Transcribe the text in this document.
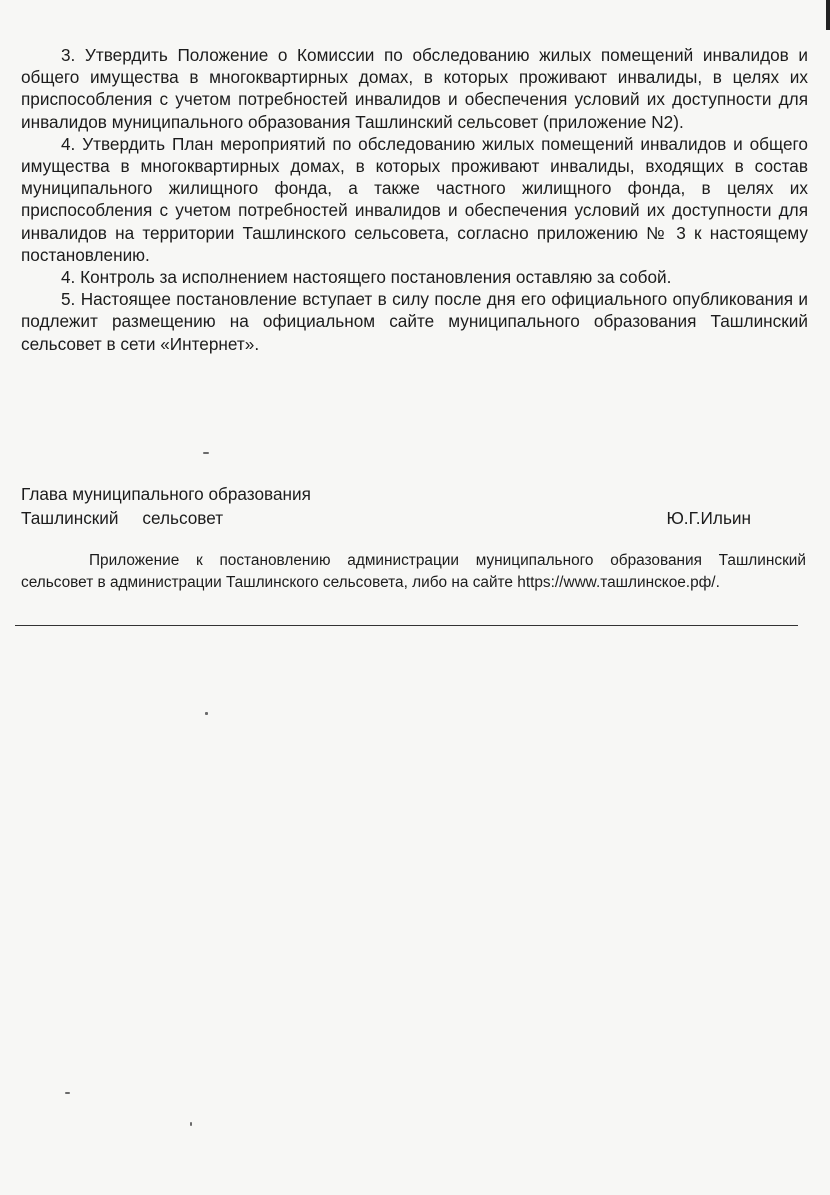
3. Утвердить Положение о Комиссии по обследованию жилых помещений инвалидов и общего имущества в многоквартирных домах, в которых проживают инвалиды, в целях их приспособления с учетом потребностей инвалидов и обеспечения условий их доступности для инвалидов муниципального образования Ташлинский сельсовет (приложение N2).

4. Утвердить План мероприятий по обследованию жилых помещений инвалидов и общего имущества в многоквартирных домах, в которых проживают инвалиды, входящих в состав муниципального жилищного фонда, а также частного жилищного фонда, в целях их приспособления с учетом потребностей инвалидов и обеспечения условий их доступности для инвалидов на территории Ташлинского сельсовета, согласно приложению № 3 к настоящему постановлению.

4. Контроль за исполнением настоящего постановления оставляю за собой.

5. Настоящее постановление вступает в силу после дня его официального опубликования и подлежит размещению на официальном сайте муниципального образования Ташлинский сельсовет в сети «Интернет».

Глава муниципального образования
Ташлинский     сельсовет	Ю.Г.Ильин

Приложение к постановлению администрации муниципального образования Ташлинский сельсовет в администрации Ташлинского сельсовета, либо на сайте https://www.ташлинское.рф/.
